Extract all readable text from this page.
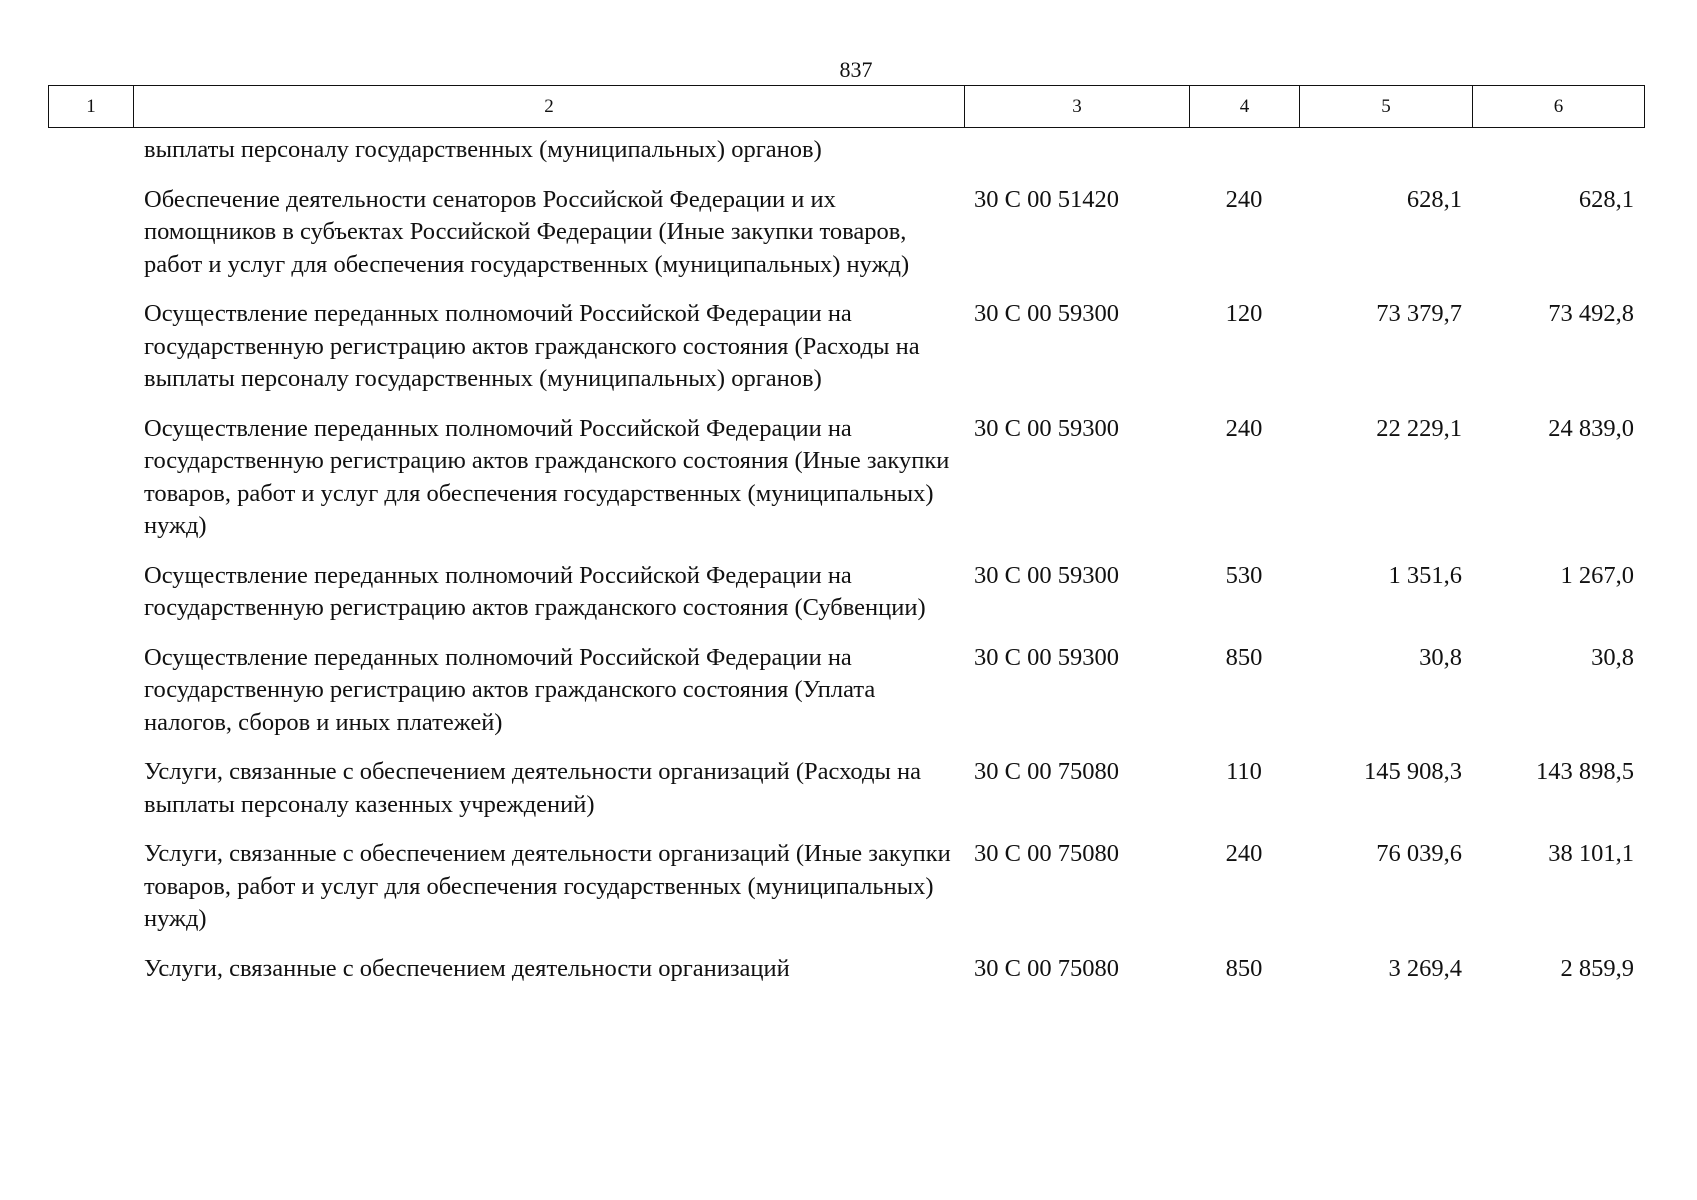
837
1	2	3	4	5	6
выплаты персоналу государственных (муниципальных) органов)				
Обеспечение деятельности сенаторов Российской Федерации и их помощников в субъектах Российской Федерации (Иные закупки товаров, работ и услуг для обеспечения государственных (муниципальных) нужд)	30 С 00 51420	240	628,1	628,1
Осуществление переданных полномочий Российской Федерации на государственную регистрацию актов гражданского состояния (Расходы на выплаты персоналу государственных (муниципальных) органов)	30 С 00 59300	120	73 379,7	73 492,8
Осуществление переданных полномочий Российской Федерации на государственную регистрацию актов гражданского состояния (Иные закупки товаров, работ и услуг для обеспечения государственных (муниципальных) нужд)	30 С 00 59300	240	22 229,1	24 839,0
Осуществление переданных полномочий Российской Федерации на государственную регистрацию актов гражданского состояния (Субвенции)	30 С 00 59300	530	1 351,6	1 267,0
Осуществление переданных полномочий Российской Федерации на государственную регистрацию актов гражданского состояния (Уплата налогов, сборов и иных платежей)	30 С 00 59300	850	30,8	30,8
Услуги, связанные с обеспечением деятельности организаций (Расходы на выплаты персоналу казенных учреждений)	30 С 00 75080	110	145 908,3	143 898,5
Услуги, связанные с обеспечением деятельности организаций (Иные закупки товаров, работ и услуг для обеспечения государственных (муниципальных) нужд)	30 С 00 75080	240	76 039,6	38 101,1
Услуги, связанные с обеспечением деятельности организаций	30 С 00 75080	850	3 269,4	2 859,9
